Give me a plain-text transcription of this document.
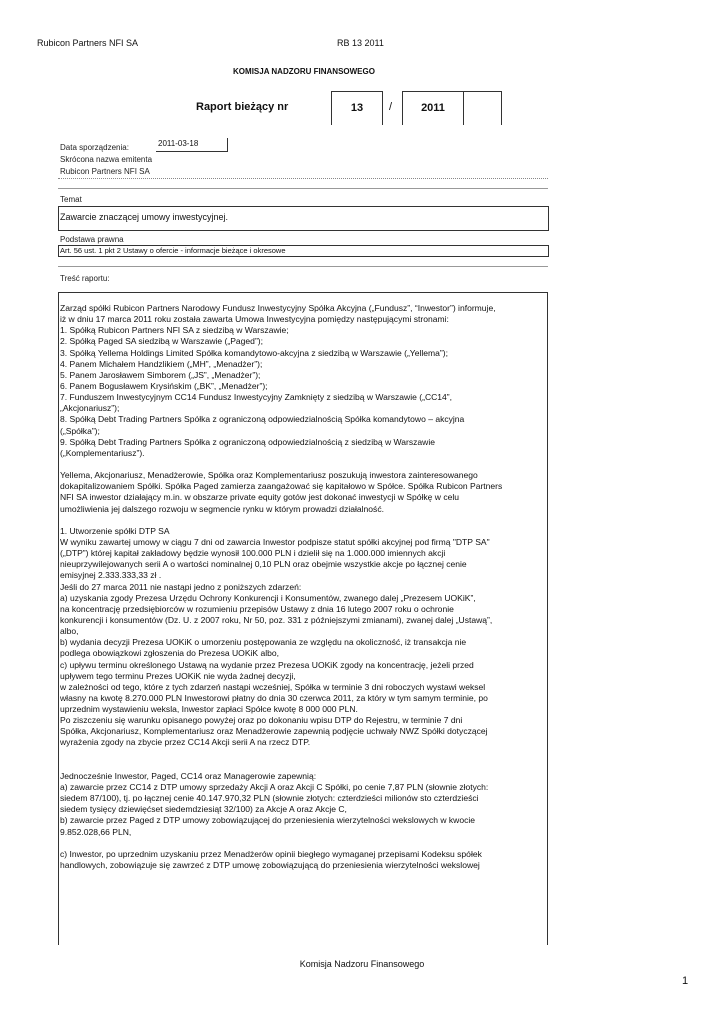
Rubicon Partners NFI SA	RB 13 2011
KOMISJA NADZORU FINANSOWEGO
Raport bieżący nr	13	/	2011
Data sporządzenia:	2011-03-18
Skrócona nazwa emitenta
Rubicon Partners NFI SA
Temat
Zawarcie znaczącej umowy inwestycyjnej.
Podstawa prawna
Art. 56 ust. 1 pkt 2 Ustawy o ofercie - informacje bieżące i okresowe
Treść raportu:
Zarząd spółki Rubicon Partners Narodowy Fundusz Inwestycyjny Spółka Akcyjna („Fundusz”, “Inwestor”) informuje,
iż w dniu 17 marca 2011 roku została zawarta Umowa Inwestycyjna pomiędzy następującymi stronami:
1. Spółką Rubicon Partners NFI SA z siedzibą w Warszawie;
2. Spółką Paged SA siedzibą w Warszawie („Paged”);
3. Spółką Yellema Holdings Limited Spółka komandytowo-akcyjna z siedzibą w Warszawie („Yellema”);
4. Panem Michałem Handzlikiem („MH”, „Menadżer”);
5. Panem Jarosławem Simborem („JS”, „Menadżer”);
6. Panem Bogusławem Krysińskim („BK”, „Menadżer”);
7. Funduszem Inwestycyjnym CC14 Fundusz Inwestycyjny Zamknięty z siedzibą w Warszawie („CC14”,
„Akcjonariusz”);
8. Spółką Debt Trading Partners Spółka z ograniczoną odpowiedzialnością Spółka komandytowo – akcyjna
(„Spółka”);
9. Spółką Debt Trading Partners Spółka z ograniczoną odpowiedzialnością z siedzibą w Warszawie
(„Komplementariusz”).
Yellema, Akcjonariusz, Menadżerowie, Spółka oraz Komplementariusz poszukują inwestora zainteresowanego
dokapitalizowaniem Spółki. Spółka Paged zamierza zaangażować się kapitałowo w Spółce. Spółka Rubicon Partners
NFI SA inwestor działający m.in. w obszarze private equity gotów jest dokonać inwestycji w Spółkę w celu
umożliwienia jej dalszego rozwoju w segmencie rynku w którym prowadzi działalność.
1. Utworzenie spółki DTP SA
W wyniku zawartej umowy w ciągu 7 dni od zawarcia Inwestor podpisze statut spółki akcyjnej pod firmą "DTP SA"
(„DTP”) której kapitał zakładowy będzie wynosił 100.000 PLN i dzielił się na 1.000.000 imiennych akcji
nieuprzywilejowanych serii A o wartości nominalnej 0,10 PLN oraz obejmie wszystkie akcje po łącznej cenie
emisyjnej 2.333.333,33 zł .
Jeśli do 27 marca 2011 nie nastąpi jedno z poniższych zdarzeń:
a) uzyskania zgody Prezesa Urzędu Ochrony Konkurencji i Konsumentów, zwanego dalej „Prezesem UOKiK”,
na koncentrację przedsiębiorców w rozumieniu przepisów Ustawy z dnia 16 lutego 2007 roku o ochronie
konkurencji i konsumentów (Dz. U. z 2007 roku, Nr 50, poz. 331 z późniejszymi zmianami), zwanej dalej „Ustawą”,
albo,
b) wydania decyzji Prezesa UOKiK o umorzeniu postępowania ze względu na okoliczność, iż transakcja nie
podlega obowiązkowi zgłoszenia do Prezesa UOKiK albo,
c) upływu terminu określonego Ustawą na wydanie przez Prezesa UOKiK zgody na koncentrację, jeżeli przed
upływem tego terminu Prezes UOKiK nie wyda żadnej decyzji,
w zależności od tego, które z tych zdarzeń nastąpi wcześniej, Spółka w terminie 3 dni roboczych wystawi weksel
własny na kwotę 8.270.000 PLN Inwestorowi płatny do dnia 30 czerwca 2011, za który w tym samym terminie, po
uprzednim wystawieniu weksla, Inwestor zapłaci Spółce kwotę 8 000 000 PLN.
Po ziszczeniu się warunku opisanego powyżej oraz po dokonaniu wpisu DTP do Rejestru, w terminie 7 dni
Spółka, Akcjonariusz, Komplementariusz oraz Menadżerowie zapewnią podjęcie uchwały NWZ Spółki dotyczącej
wyrażenia zgody na zbycie przez CC14 Akcji serii A na rzecz DTP.
Jednocześnie Inwestor, Paged, CC14 oraz Managerowie zapewnią:
a) zawarcie przez CC14 z DTP umowy sprzedaży Akcji A oraz Akcji C Spółki, po cenie 7,87 PLN (słownie złotych:
siedem 87/100), tj. po łącznej cenie 40.147.970,32 PLN (słownie złotych: czterdzieści milionów sto czterdzieści
siedem tysięcy dziewięćset siedemdziesiąt 32/100) za Akcje A oraz Akcje C,
b) zawarcie przez Paged z DTP umowy zobowiązującej do przeniesienia wierzytelności wekslowych w kwocie
9.852.028,66 PLN,
c) Inwestor, po uprzednim uzyskaniu przez Menadżerów opinii biegłego wymaganej przepisami Kodeksu spółek
handlowych, zobowiązuje się zawrzeć z DTP umowę zobowiązującą do przeniesienia wierzytelności wekslowej
Komisja Nadzoru Finansowego
1
